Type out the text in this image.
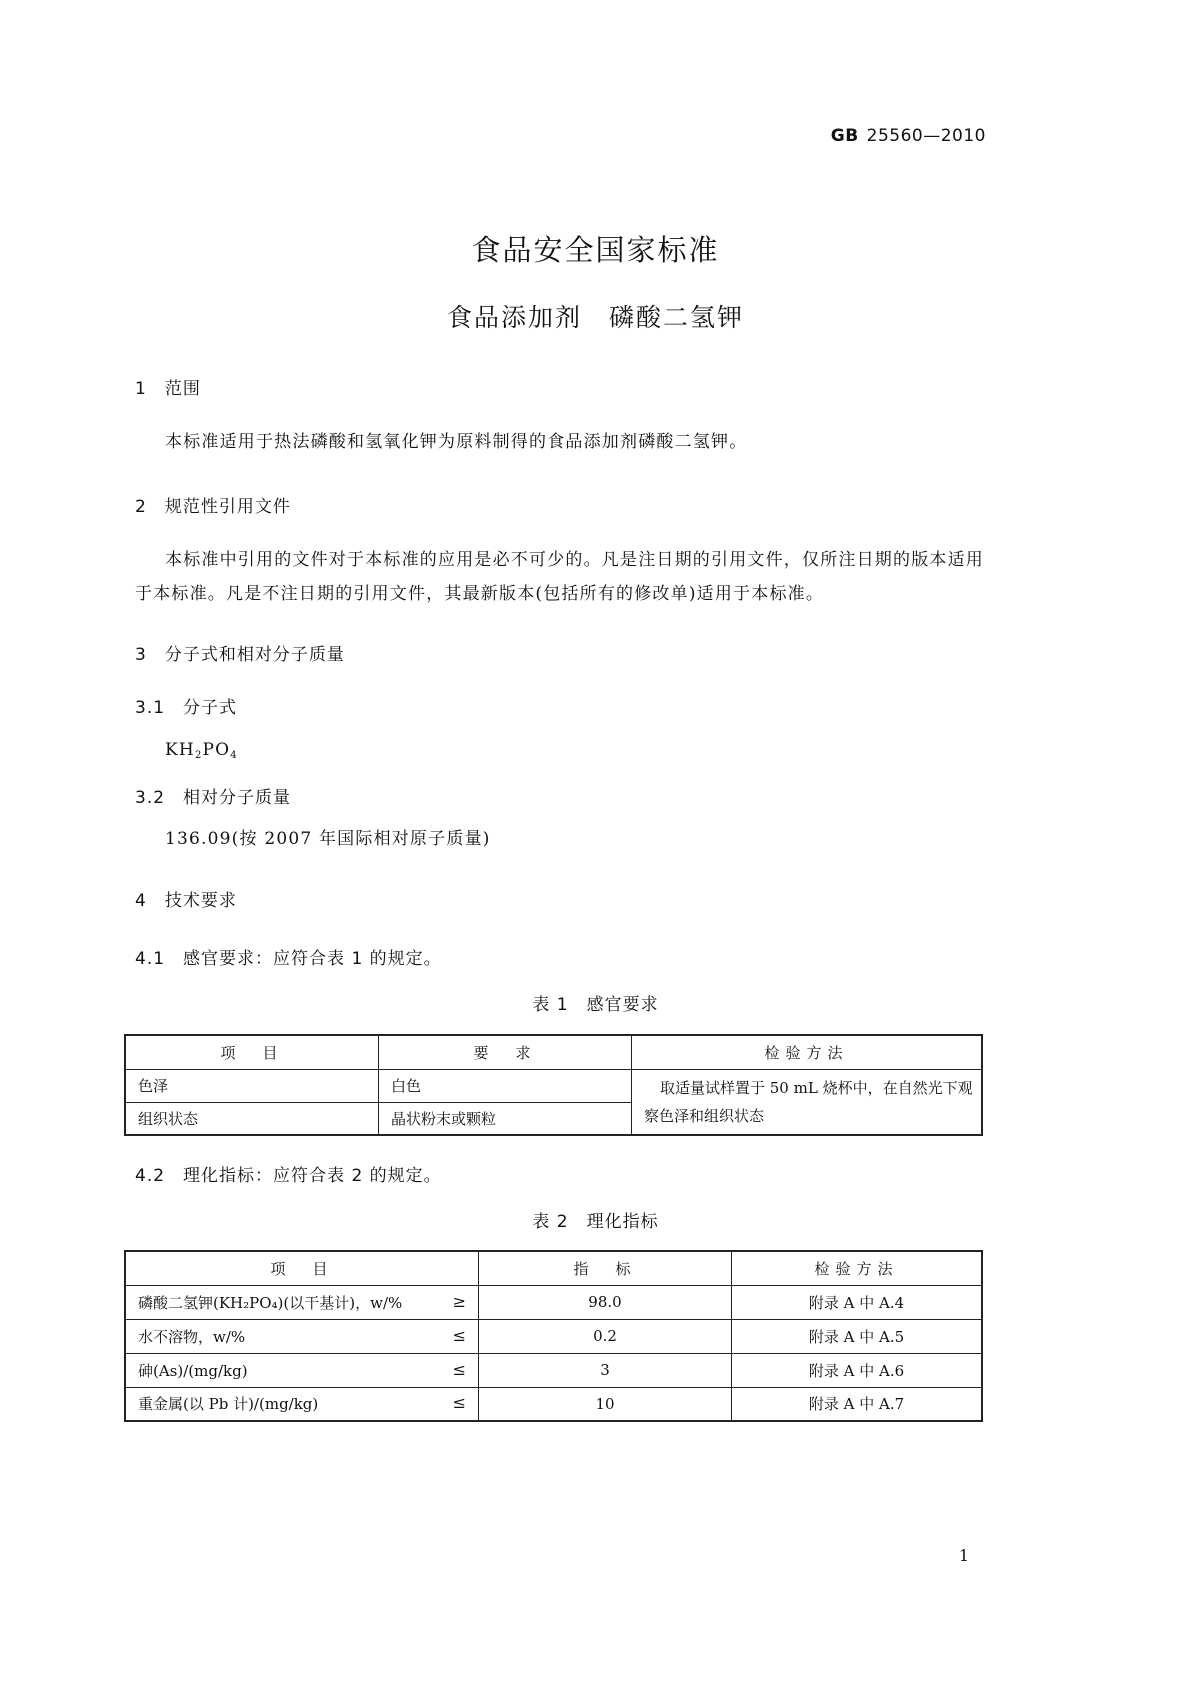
GB 25560—2010
食品安全国家标准
食品添加剂　磷酸二氢钾
1　范围
本标准适用于热法磷酸和氢氧化钾为原料制得的食品添加剂磷酸二氢钾。
2　规范性引用文件
本标准中引用的文件对于本标准的应用是必不可少的。凡是注日期的引用文件，仅所注日期的版本适用于本标准。凡是不注日期的引用文件，其最新版本(包括所有的修改单)适用于本标准。
3　分子式和相对分子质量
3.1　分子式
$KH_2PO_4$
3.2　相对分子质量
136.09(按 2007 年国际相对原子质量)
4　技术要求
4.1　感官要求：应符合表 1 的规定。
表 1　感官要求
项　目	要　求	检验方法
色泽	白色	取适量试样置于 50 mL 烧杯中，在自然光下观察色泽和组织状态
组织状态	晶状粉末或颗粒	
4.2　理化指标：应符合表 2 的规定。
表 2　理化指标
项　目	指　标	检验方法
磷酸二氢钾(KH₂PO₄)(以干基计)，w/% ≥	98.0	附录 A 中 A.4
水不溶物，w/% ≤	0.2	附录 A 中 A.5
砷(As)/(mg/kg) ≤	3	附录 A 中 A.6
重金属(以 Pb 计)/(mg/kg) ≤	10	附录 A 中 A.7
1
